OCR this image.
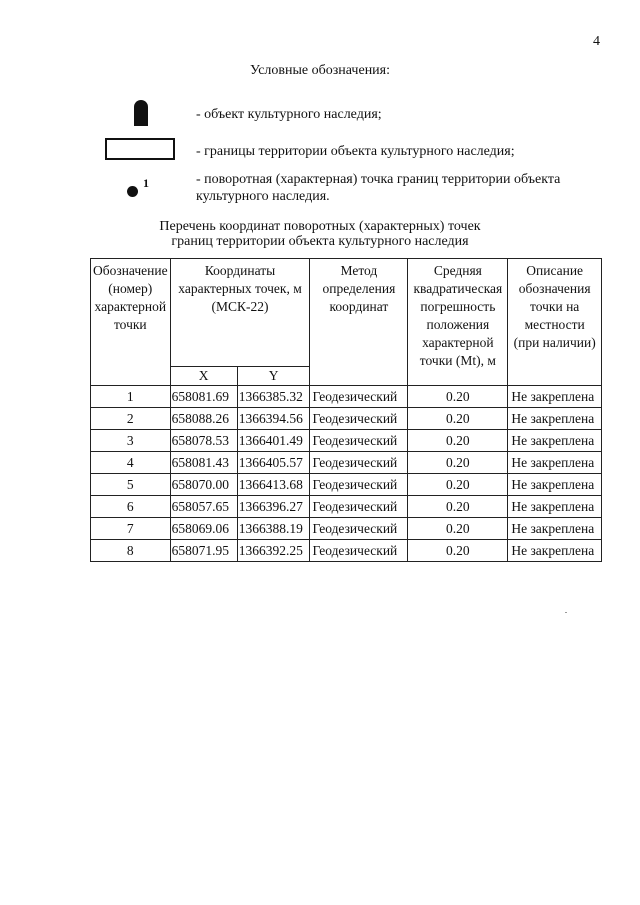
4
Условные обозначения:
- объект культурного наследия;
- границы территории объекта культурного наследия;
1	- поворотная (характерная) точка границ территории объекта культурного наследия.
Перечень координат поворотных (характерных) точек
границ территории объекта культурного наследия
Обозначение (номер) характерной точки	Координаты характерных точек, м (МСК-22)		Метод определения координат	Средняя квадратическая погрешность положения характерной точки (Mt), м	Описание обозначения точки на местности (при наличии)
	X	Y			
1	658081.69	1366385.32	Геодезический	0.20	Не закреплена
2	658088.26	1366394.56	Геодезический	0.20	Не закреплена
3	658078.53	1366401.49	Геодезический	0.20	Не закреплена
4	658081.43	1366405.57	Геодезический	0.20	Не закреплена
5	658070.00	1366413.68	Геодезический	0.20	Не закреплена
6	658057.65	1366396.27	Геодезический	0.20	Не закреплена
7	658069.06	1366388.19	Геодезический	0.20	Не закреплена
8	658071.95	1366392.25	Геодезический	0.20	Не закреплена
